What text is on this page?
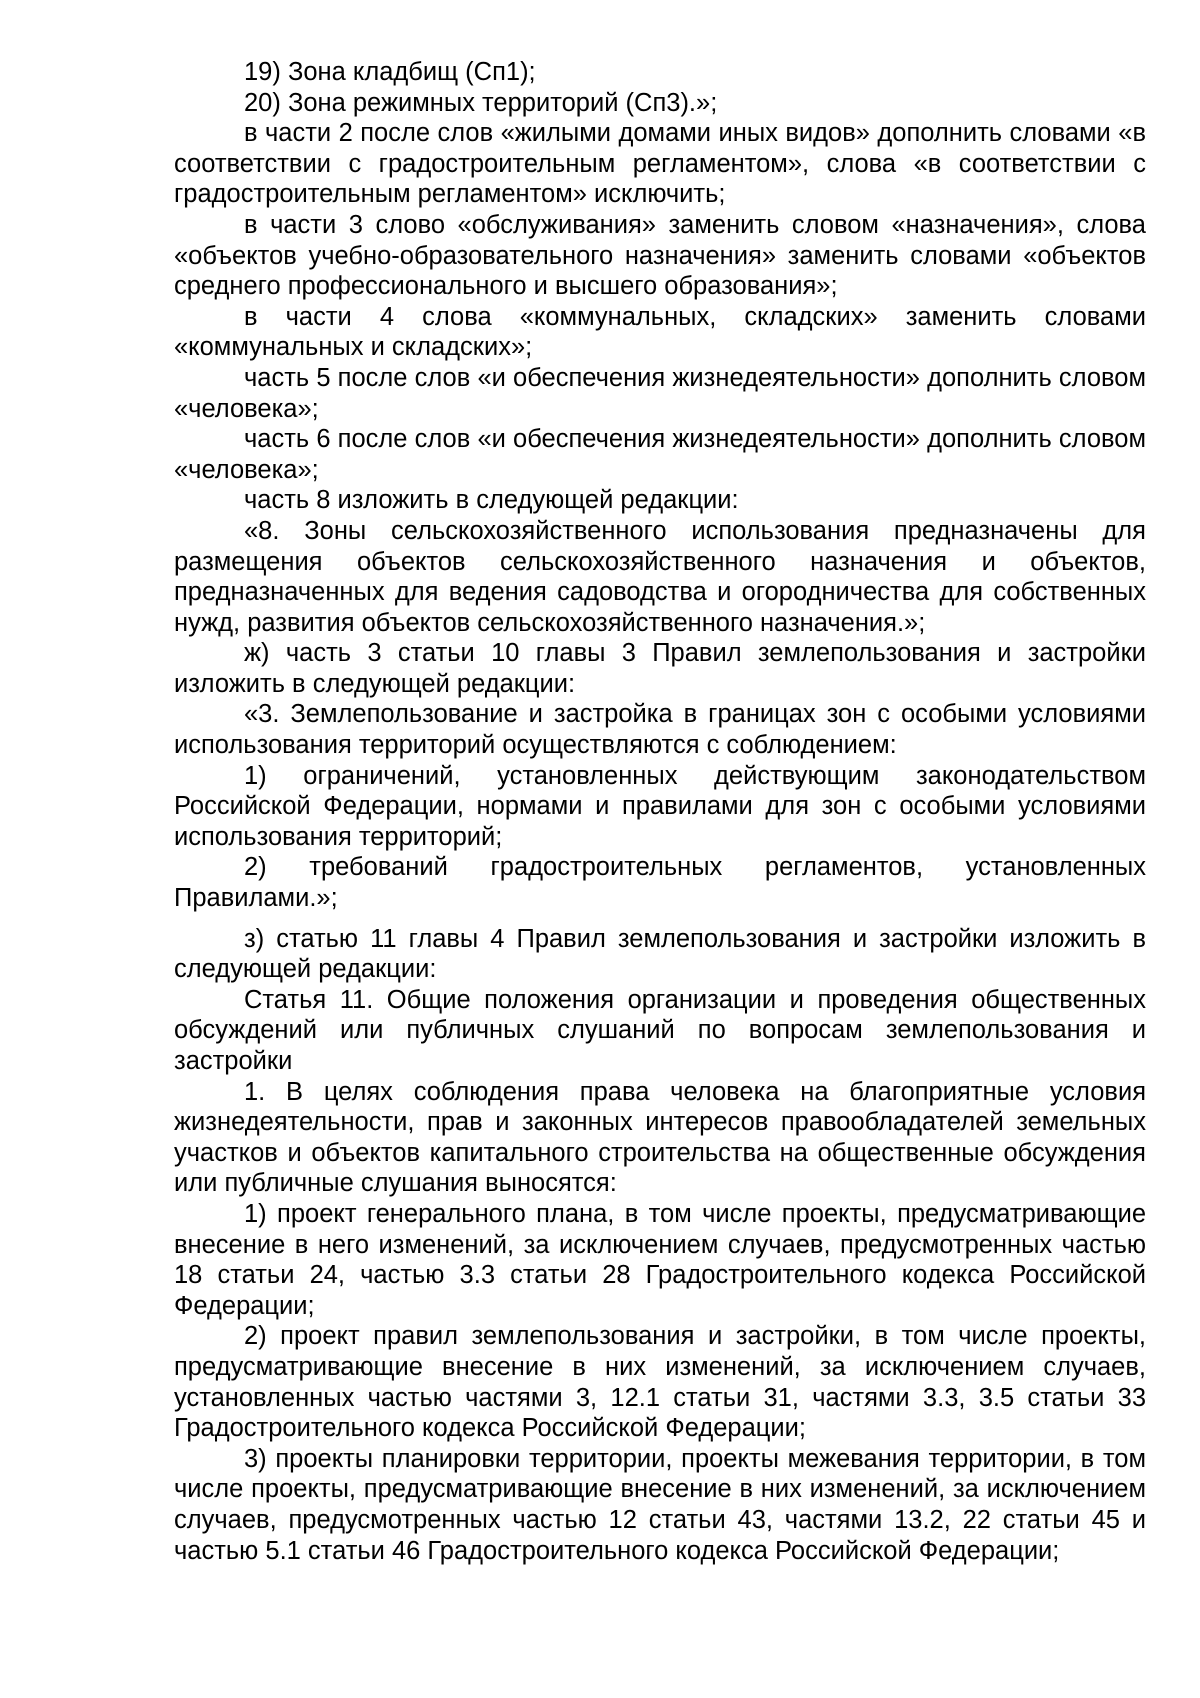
19) Зона кладбищ (Сп1);

20) Зона режимных территорий (Сп3).»;

в части 2 после слов «жилыми домами иных видов» дополнить словами «в соответствии с градостроительным регламентом», слова «в соответствии с градостроительным регламентом» исключить;

в части 3 слово «обслуживания» заменить словом «назначения», слова «объектов учебно-образовательного назначения» заменить словами «объектов среднего профессионального и высшего образования»;

в части 4 слова «коммунальных, складских» заменить словами «коммунальных и складских»;

часть 5 после слов «и обеспечения жизнедеятельности» дополнить словом «человека»;

часть 6 после слов «и обеспечения жизнедеятельности» дополнить словом «человека»;

часть 8 изложить в следующей редакции:

«8. Зоны сельскохозяйственного использования предназначены для размещения объектов сельскохозяйственного назначения и объектов, предназначенных для ведения садоводства и огородничества для собственных нужд, развития объектов сельскохозяйственного назначения.»;

ж) часть 3 статьи 10 главы 3 Правил землепользования и застройки изложить в следующей редакции:

«3. Землепользование и застройка в границах зон с особыми условиями использования территорий осуществляются с соблюдением:

1) ограничений, установленных действующим законодательством Российской Федерации, нормами и правилами для зон с особыми условиями использования территорий;

2) требований градостроительных регламентов, установленных Правилами.»;

з) статью 11 главы 4 Правил землепользования и застройки изложить в следующей редакции:

Статья 11. Общие положения организации и проведения общественных обсуждений или публичных слушаний по вопросам землепользования и застройки

1. В целях соблюдения права человека на благоприятные условия жизнедеятельности, прав и законных интересов правообладателей земельных участков и объектов капитального строительства на общественные обсуждения или публичные слушания выносятся:

1) проект генерального плана, в том числе проекты, предусматривающие внесение в него изменений, за исключением случаев, предусмотренных частью 18 статьи 24, частью 3.3 статьи 28 Градостроительного кодекса Российской Федерации;

2) проект правил землепользования и застройки, в том числе проекты, предусматривающие внесение в них изменений, за исключением случаев, установленных частью частями 3, 12.1 статьи 31, частями 3.3, 3.5 статьи 33 Градостроительного кодекса Российской Федерации;

3) проекты планировки территории, проекты межевания территории, в том числе проекты, предусматривающие внесение в них изменений, за исключением случаев, предусмотренных частью 12 статьи 43, частями 13.2, 22 статьи 45 и частью 5.1 статьи 46 Градостроительного кодекса Российской Федерации;
